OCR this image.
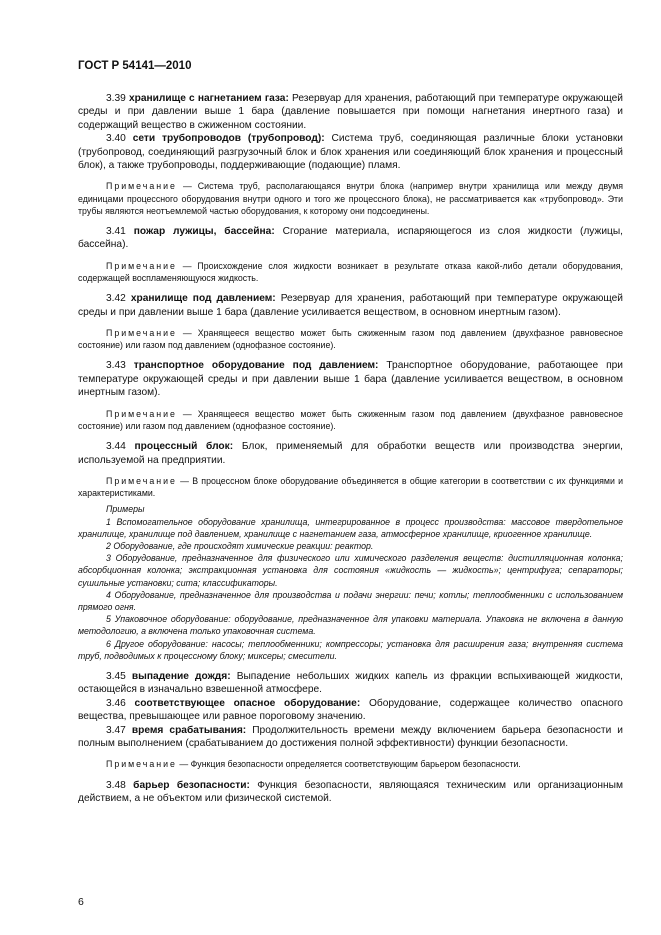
ГОСТ Р 54141—2010

3.39 хранилище с нагнетанием газа: Резервуар для хранения, работающий при температуре окружающей среды и при давлении выше 1 бара (давление повышается при помощи нагнетания инертного газа) и содержащий вещество в сжиженном состоянии.

3.40 сети трубопроводов (трубопровод): Система труб, соединяющая различные блоки установки (трубопровод, соединяющий разгрузочный блок и блок хранения или соединяющий блок хранения и процессный блок), а также трубопроводы, поддерживающие (подающие) пламя.

Примечание — Система труб, располагающаяся внутри блока (например внутри хранилища или между двумя единицами процессного оборудования внутри одного и того же процессного блока), не рассматривается как «трубопровод». Эти трубы являются неотъемлемой частью оборудования, к которому они подсоединены.

3.41 пожар лужицы, бассейна: Сгорание материала, испаряющегося из слоя жидкости (лужицы, бассейна).

Примечание — Происхождение слоя жидкости возникает в результате отказа какой-либо детали оборудования, содержащей воспламеняющуюся жидкость.

3.42 хранилище под давлением: Резервуар для хранения, работающий при температуре окружающей среды и при давлении выше 1 бара (давление усиливается веществом, в основном инертным газом).

Примечание — Хранящееся вещество может быть сжиженным газом под давлением (двухфазное равновесное состояние) или газом под давлением (однофазное состояние).

3.43 транспортное оборудование под давлением: Транспортное оборудование, работающее при температуре окружающей среды и при давлении выше 1 бара (давление усиливается веществом, в основном инертным газом).

Примечание — Хранящееся вещество может быть сжиженным газом под давлением (двухфазное равновесное состояние) или газом под давлением (однофазное состояние).

3.44 процессный блок: Блок, применяемый для обработки веществ или производства энергии, используемой на предприятии.

Примечание — В процессном блоке оборудование объединяется в общие категории в соответствии с их функциями и характеристиками.

Примеры

1 Вспомогательное оборудование хранилища, интегрированное в процесс производства: массовое твердотельное хранилище, хранилище под давлением, хранилище с нагнетанием газа, атмосферное хранилище, криогенное хранилище.

2 Оборудование, где происходят химические реакции: реактор.

3 Оборудование, предназначенное для физического или химического разделения веществ: дистилляционная колонка; абсорбционная колонка; экстракционная установка для состояния «жидкость — жидкость»; центрифуга; сепараторы; сушильные установки; сита; классификаторы.

4 Оборудование, предназначенное для производства и подачи энергии: печи; котлы; теплообменники с использованием прямого огня.

5 Упаковочное оборудование: оборудование, предназначенное для упаковки материала. Упаковка не включена в данную методологию, а включена только упаковочная система.

6 Другое оборудование: насосы; теплообменники; компрессоры; установка для расширения газа; внутренняя система труб, подводимых к процессному блоку; миксеры; смесители.

3.45 выпадение дождя: Выпадение небольших жидких капель из фракции вспыхивающей жидкости, остающейся в изначально взвешенной атмосфере.

3.46 соответствующее опасное оборудование: Оборудование, содержащее количество опасного вещества, превышающее или равное пороговому значению.

3.47 время срабатывания: Продолжительность времени между включением барьера безопасности и полным выполнением (срабатыванием до достижения полной эффективности) функции безопасности.

Примечание — Функция безопасности определяется соответствующим барьером безопасности.

3.48 барьер безопасности: Функция безопасности, являющаяся техническим или организационным действием, а не объектом или физической системой.

6
